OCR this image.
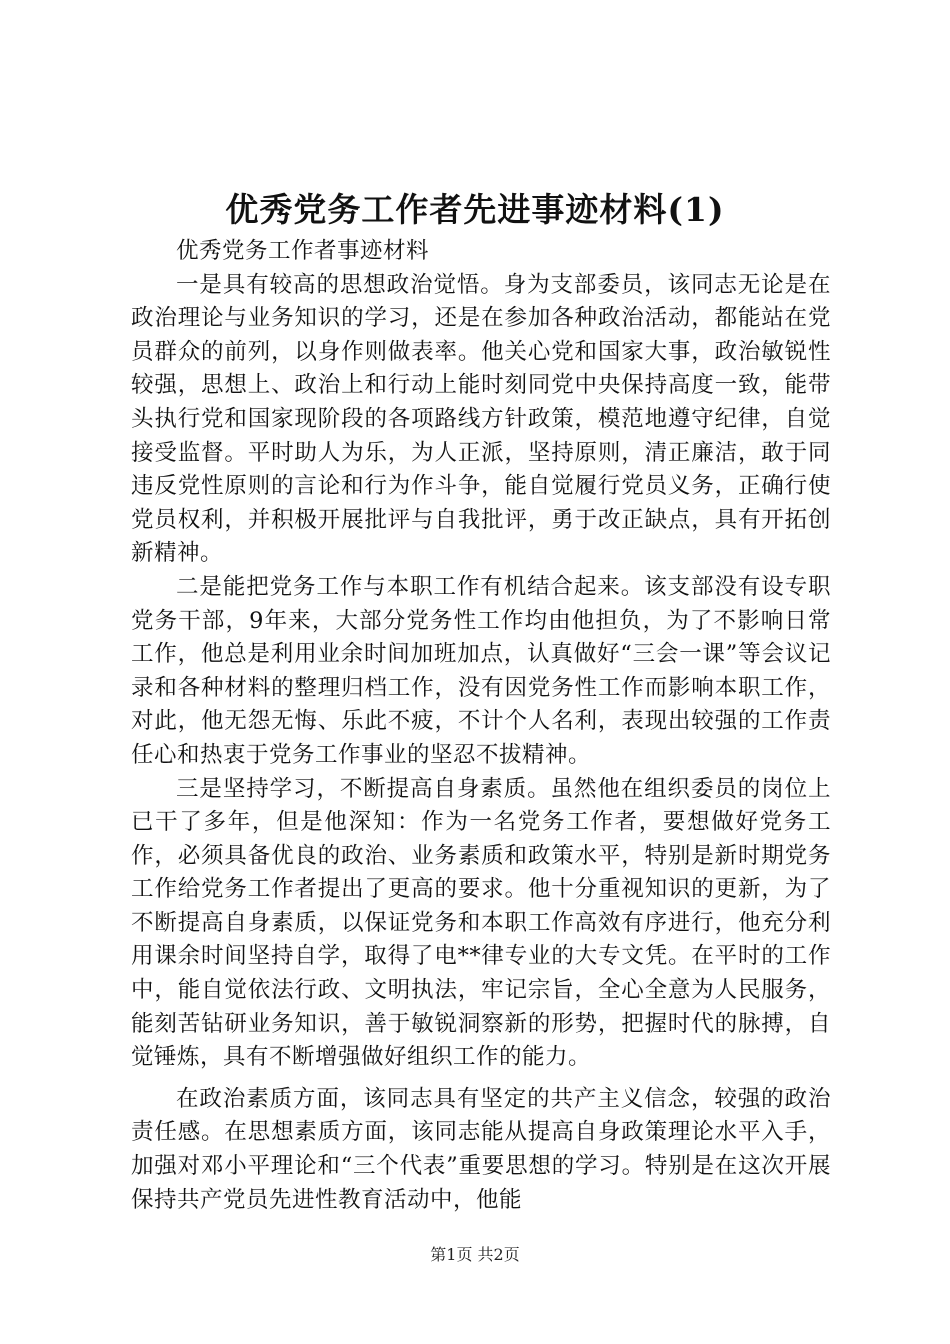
优秀党务工作者先进事迹材料(1)

优秀党务工作者事迹材料

一是具有较高的思想政治觉悟。身为支部委员，该同志无论是在政治理论与业务知识的学习，还是在参加各种政治活动，都能站在党员群众的前列，以身作则做表率。他关心党和国家大事，政治敏锐性较强，思想上、政治上和行动上能时刻同党中央保持高度一致，能带头执行党和国家现阶段的各项路线方针政策，模范地遵守纪律，自觉接受监督。平时助人为乐，为人正派，坚持原则，清正廉洁，敢于同违反党性原则的言论和行为作斗争，能自觉履行党员义务，正确行使党员权利，并积极开展批评与自我批评，勇于改正缺点，具有开拓创新精神。

二是能把党务工作与本职工作有机结合起来。该支部没有设专职党务干部，9年来，大部分党务性工作均由他担负，为了不影响日常工作，他总是利用业余时间加班加点，认真做好“三会一课”等会议记录和各种材料的整理归档工作，没有因党务性工作而影响本职工作，对此，他无怨无悔、乐此不疲，不计个人名利，表现出较强的工作责任心和热衷于党务工作事业的坚忍不拔精神。

三是坚持学习，不断提高自身素质。虽然他在组织委员的岗位上已干了多年，但是他深知：作为一名党务工作者，要想做好党务工作，必须具备优良的政治、业务素质和政策水平，特别是新时期党务工作给党务工作者提出了更高的要求。他十分重视知识的更新，为了不断提高自身素质，以保证党务和本职工作高效有序进行，他充分利用课余时间坚持自学，取得了电**律专业的大专文凭。在平时的工作中，能自觉依法行政、文明执法，牢记宗旨，全心全意为人民服务，能刻苦钻研业务知识，善于敏锐洞察新的形势，把握时代的脉搏，自觉锤炼，具有不断增强做好组织工作的能力。

在政治素质方面，该同志具有坚定的共产主义信念，较强的政治责任感。在思想素质方面，该同志能从提高自身政策理论水平入手，加强对邓小平理论和“三个代表”重要思想的学习。特别是在这次开展保持共产党员先进性教育活动中，他能

第1页 共2页
